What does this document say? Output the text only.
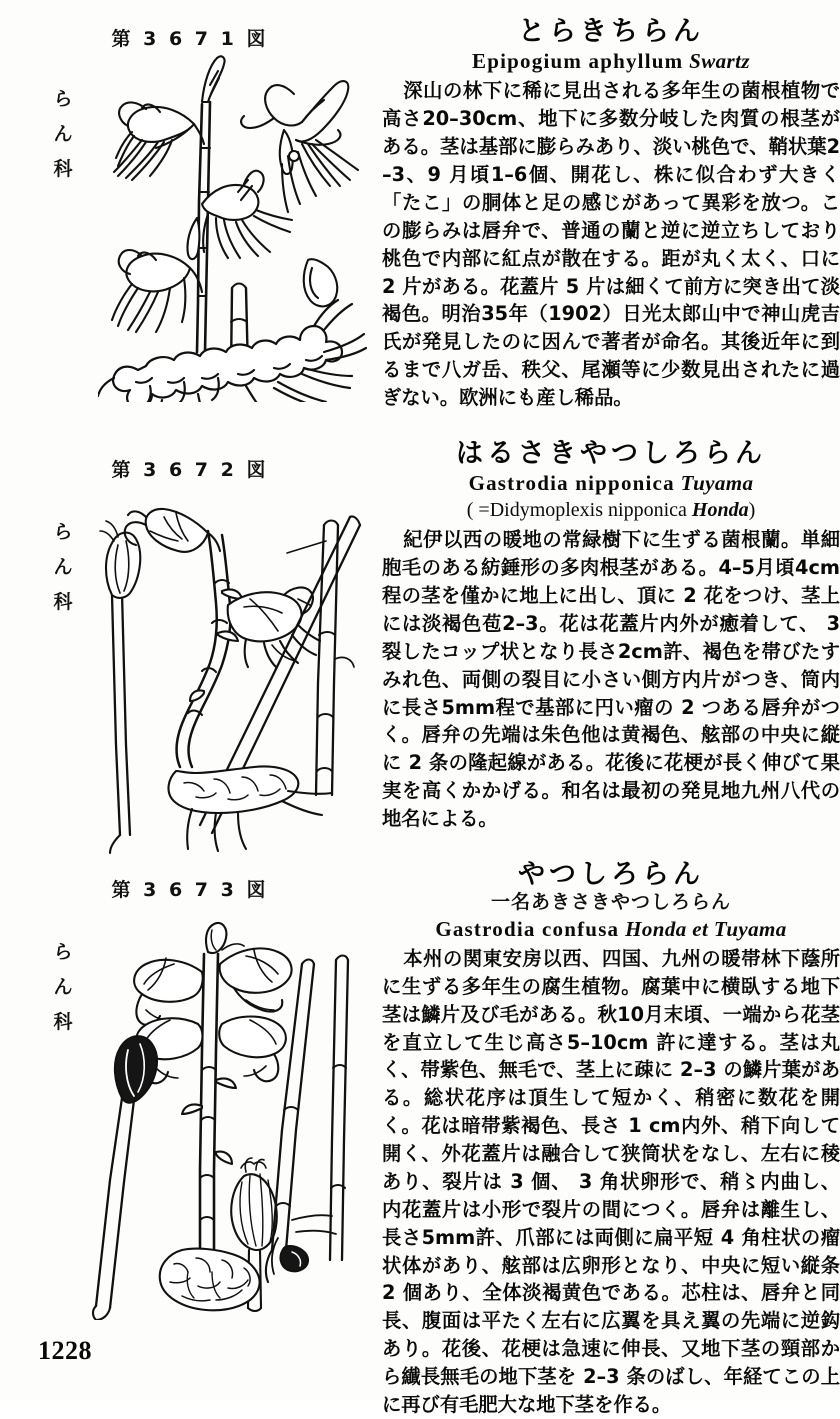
第 3 6 7 1 図
ら
ん
科
第 3 6 7 2 図
ら
ん
科
第 3 6 7 3 図
ら
ん
科
とらきちらん
Epipogium aphyllum Swartz

深山の林下に稀に見出される多年生の菌根植物で高さ20–30cm、地下に多数分岐した肉質の根茎がある。茎は基部に膨らみあり、淡い桃色で、鞘状葉2–3、9 月頃1–6個、開花し、株に似合わず大きく「たこ」の胴体と足の感じがあって異彩を放つ。この膨らみは唇弁で、普通の蘭と逆に逆立ちしており桃色で内部に紅点が散在する。距が丸く太く、口に 2 片がある。花蓋片 5 片は細くて前方に突き出て淡褐色。明治35年（1902）日光太郎山中で神山虎吉氏が発見したのに因んで著者が命名。其後近年に到るまで八ガ岳、秩父、尾瀬等に少数見出されたに過ぎない。欧洲にも産し稀品。

はるさきやつしろらん
Gastrodia nipponica Tuyama
( =Didymoplexis nipponica Honda)

紀伊以西の暖地の常緑樹下に生ずる菌根蘭。単細胞毛のある紡錘形の多肉根茎がある。4–5月頃4cm程の茎を僅かに地上に出し、頂に 2 花をつけ、茎上には淡褐色苞2–3。花は花蓋片内外が癒着して、 3 裂したコップ状となり長さ2cm許、褐色を帯びたすみれ色、両側の裂目に小さい側方内片がつき、筒内に長さ5mm程で基部に円い瘤の 2 つある唇弁がつく。唇弁の先端は朱色他は黄褐色、舷部の中央に縦に 2 条の隆起線がある。花後に花梗が長く伸びて果実を高くかかげる。和名は最初の発見地九州八代の地名による。

やつしろらん
一名あきさきやつしろらん
Gastrodia confusa Honda et Tuyama

本州の関東安房以西、四国、九州の暖帯林下蔭所に生ずる多年生の腐生植物。腐葉中に横臥する地下茎は鱗片及び毛がある。秋10月末頃、一端から花茎を直立して生じ高さ5–10cm 許に達する。茎は丸く、帯紫色、無毛で、茎上に疎に 2–3 の鱗片葉がある。総状花序は頂生して短かく、稍密に数花を開く。花は暗帯紫褐色、長さ 1 cm内外、稍下向して開く、外花蓋片は融合して狭筒状をなし、左右に稜あり、裂片は 3 個、 3 角状卵形で、稍〻内曲し、内花蓋片は小形で裂片の間につく。唇弁は離生し、長さ5mm許、爪部には両側に扁平短 4 角柱状の瘤状体があり、舷部は広卵形となり、中央に短い縦条 2 個あり、全体淡褐黄色である。芯柱は、唇弁と同長、腹面は平たく左右に広翼を具え翼の先端に逆鈎あり。花後、花梗は急速に伸長、又地下茎の頸部から纎長無毛の地下茎を 2–3 条のばし、年経てこの上に再び有毛肥大な地下茎を作る。

1228
